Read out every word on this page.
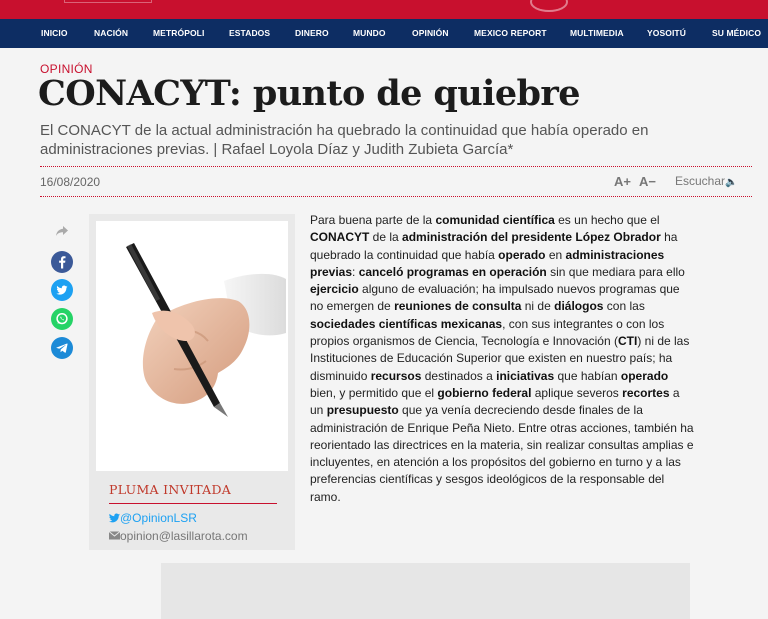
INICIO	NACIÓN	METRÓPOLI	ESTADOS	DINERO	MUNDO	OPINIÓN	MEXICO REPORT	MULTIMEDIA	YOSOITÚ	SU MÉDICO
OPINIÓN
CONACYT: punto de quiebre

El CONACYT de la actual administración ha quebrado la continuidad que había operado en administraciones previas. | Rafael Loyola Díaz y Judith Zubieta García*

16/08/2020	A+ A− Escuchar🔈
PLUMA INVITADA
@OpinionLSR
opinion@lasillarota.com

Para buena parte de la comunidad científica es un hecho que el CONACYT de la administración del presidente López Obrador ha quebrado la continuidad que había operado en administraciones previas: canceló programas en operación sin que mediara para ello ejercicio alguno de evaluación; ha impulsado nuevos programas que no emergen de reuniones de consulta ni de diálogos con las sociedades científicas mexicanas, con sus integrantes o con los propios organismos de Ciencia, Tecnología e Innovación (CTI) ni de las Instituciones de Educación Superior que existen en nuestro país; ha disminuido recursos destinados a iniciativas que habían operado bien, y permitido que el gobierno federal aplique severos recortes a un presupuesto que ya venía decreciendo desde finales de la administración de Enrique Peña Nieto. Entre otras acciones, también ha reorientado las directrices en la materia, sin realizar consultas amplias e incluyentes, en atención a los propósitos del gobierno en turno y a las preferencias científicas y sesgos ideológicos de la responsable del ramo.
